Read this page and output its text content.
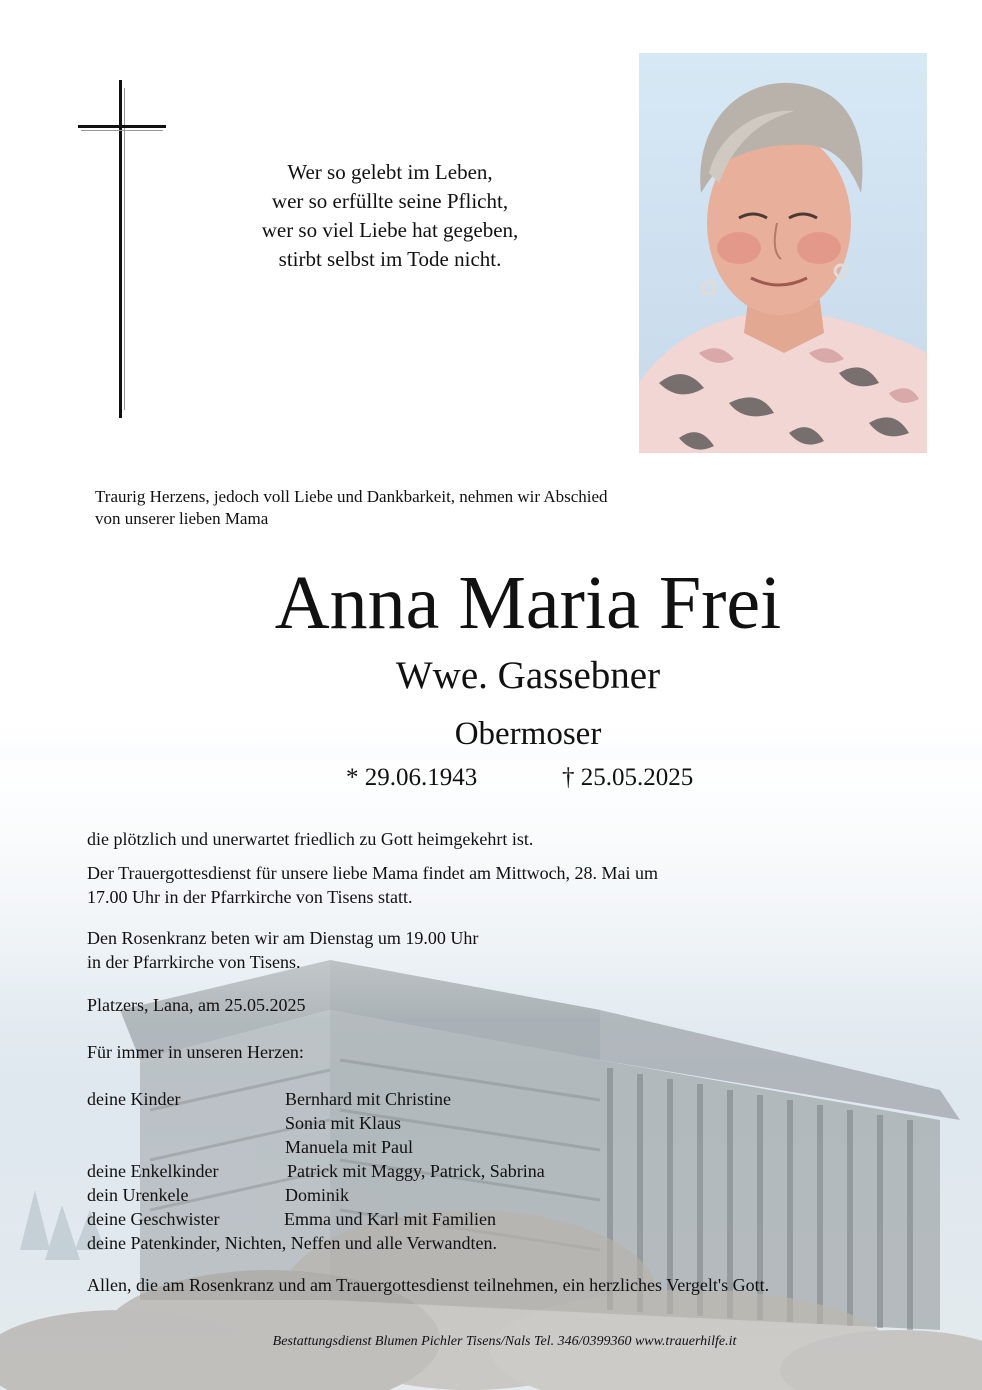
Wer so gelebt im Leben,
wer so erfüllte seine Pflicht,
wer so viel Liebe hat gegeben,
stirbt selbst im Tode nicht.
Traurig Herzens, jedoch voll Liebe und Dankbarkeit, nehmen wir Abschied
von unserer lieben Mama
Anna Maria Frei
Wwe. Gassebner
Obermoser
* 29.06.1943	† 25.05.2025
die plötzlich und unerwartet friedlich zu Gott heimgekehrt ist.
Der Trauergottesdienst für unsere liebe Mama findet am Mittwoch, 28. Mai um
17.00 Uhr in der Pfarrkirche von Tisens statt.
Den Rosenkranz beten wir am Dienstag um 19.00 Uhr
in der Pfarrkirche von Tisens.
Platzers, Lana, am 25.05.2025
Für immer in unseren Herzen:
deine Kinder	Bernhard mit Christine
Sonia mit Klaus
Manuela mit Paul
deine Enkelkinder	Patrick mit Maggy, Patrick, Sabrina
dein Urenkele	Dominik
deine Geschwister	Emma und Karl mit Familien
deine Patenkinder, Nichten, Neffen und alle Verwandten.
Allen, die am Rosenkranz und am Trauergottesdienst teilnehmen, ein herzliches Vergelt's Gott.
Bestattungsdienst Blumen Pichler Tisens/Nals Tel. 346/0399360 www.trauerhilfe.it
